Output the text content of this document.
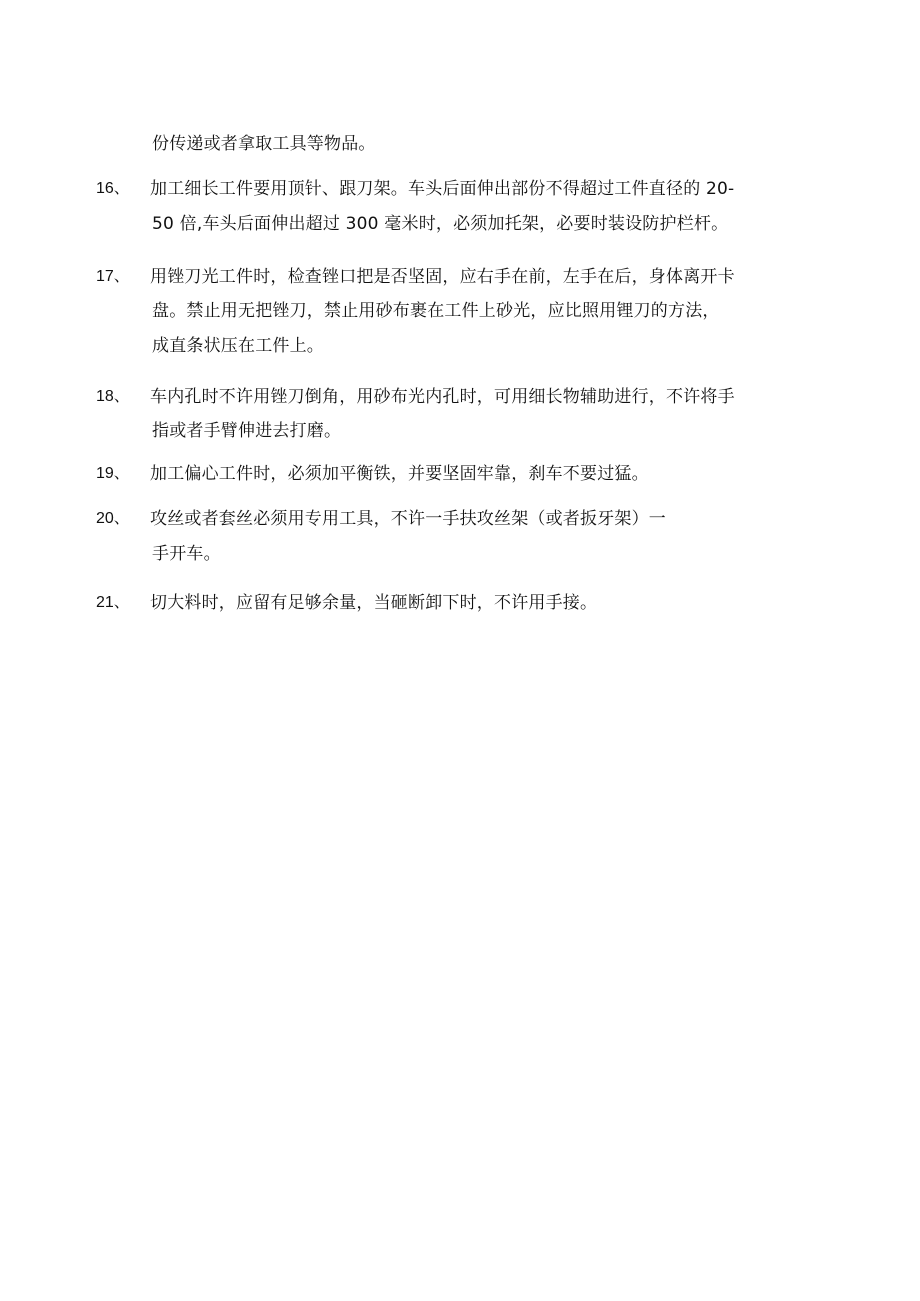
份传递或者拿取工具等物品。
16、 加工细长工件要用顶针、跟刀架。车头后面伸出部份不得超过工件直径的 20-
50 倍,车头后面伸出超过 300 毫米时，必须加托架，必要时装设防护栏杆。
17、 用锉刀光工件时，检查锉口把是否坚固，应右手在前，左手在后，身体离开卡
盘。禁止用无把锉刀，禁止用砂布裹在工件上砂光，应比照用锂刀的方法，
成直条状压在工件上。
18、 车内孔时不许用锉刀倒角，用砂布光内孔时，可用细长物辅助进行，不许将手
指或者手臂伸进去打磨。
19、 加工偏心工件时，必须加平衡铁，并要坚固牢靠，刹车不要过猛。
20、 攻丝或者套丝必须用专用工具，不许一手扶攻丝架（或者扳牙架）一
手开车。
21、 切大料时，应留有足够余量，当砸断卸下时，不许用手接。
